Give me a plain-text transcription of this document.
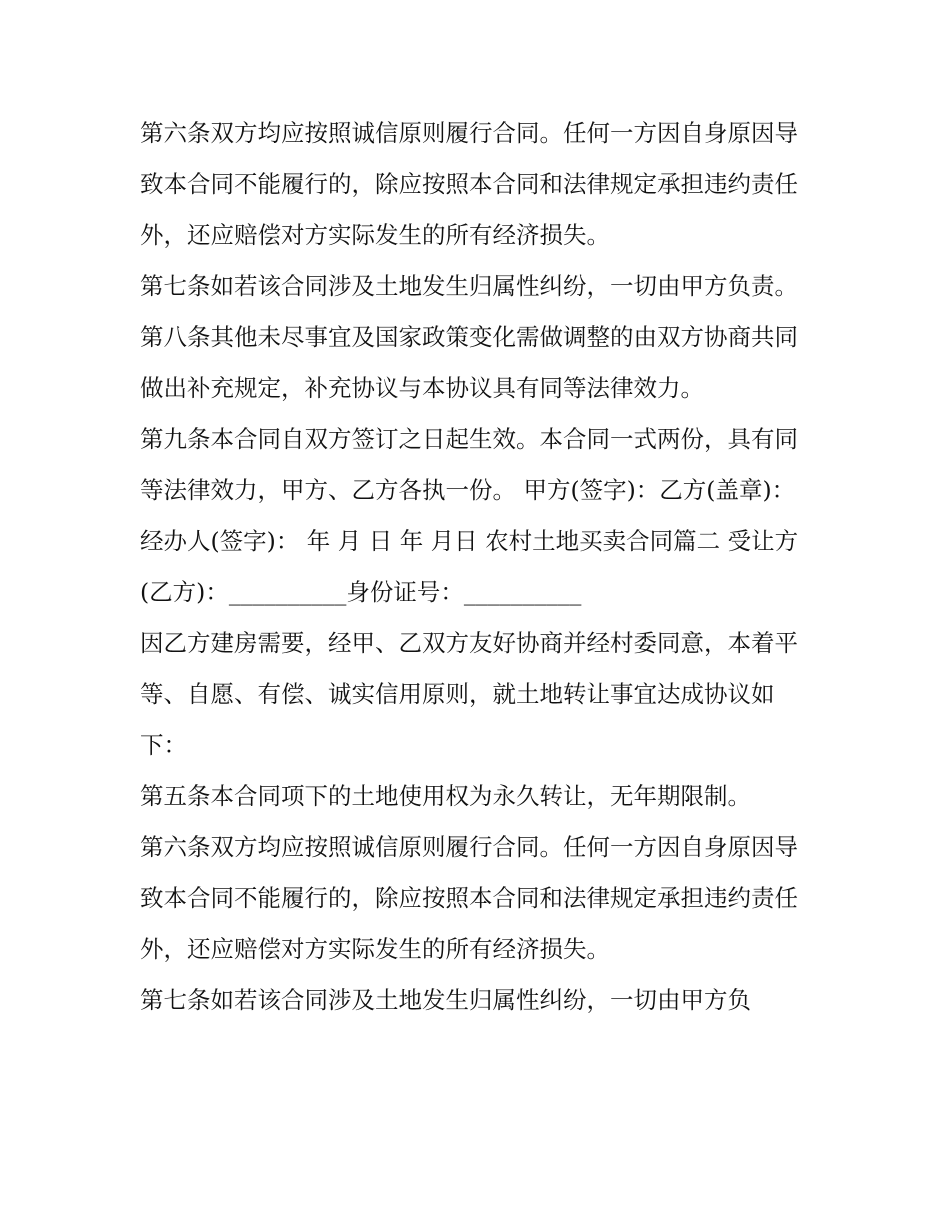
第六条双方均应按照诚信原则履行合同。任何一方因自身原因导致本合同不能履行的，除应按照本合同和法律规定承担违约责任外，还应赔偿对方实际发生的所有经济损失。

第七条如若该合同涉及土地发生归属性纠纷，一切由甲方负责。

第八条其他未尽事宜及国家政策变化需做调整的由双方协商共同做出补充规定，补充协议与本协议具有同等法律效力。

第九条本合同自双方签订之日起生效。本合同一式两份，具有同等法律效力，甲方、乙方各执一份。 甲方(签字)：乙方(盖章)： 经办人(签字)： 年 月 日 年 月日 农村土地买卖合同篇二 受让方(乙方)：__________身份证号：__________

因乙方建房需要，经甲、乙双方友好协商并经村委同意，本着平等、自愿、有偿、诚实信用原则，就土地转让事宜达成协议如下：

第五条本合同项下的土地使用权为永久转让，无年期限制。

第六条双方均应按照诚信原则履行合同。任何一方因自身原因导致本合同不能履行的，除应按照本合同和法律规定承担违约责任外，还应赔偿对方实际发生的所有经济损失。

第七条如若该合同涉及土地发生归属性纠纷，一切由甲方负
